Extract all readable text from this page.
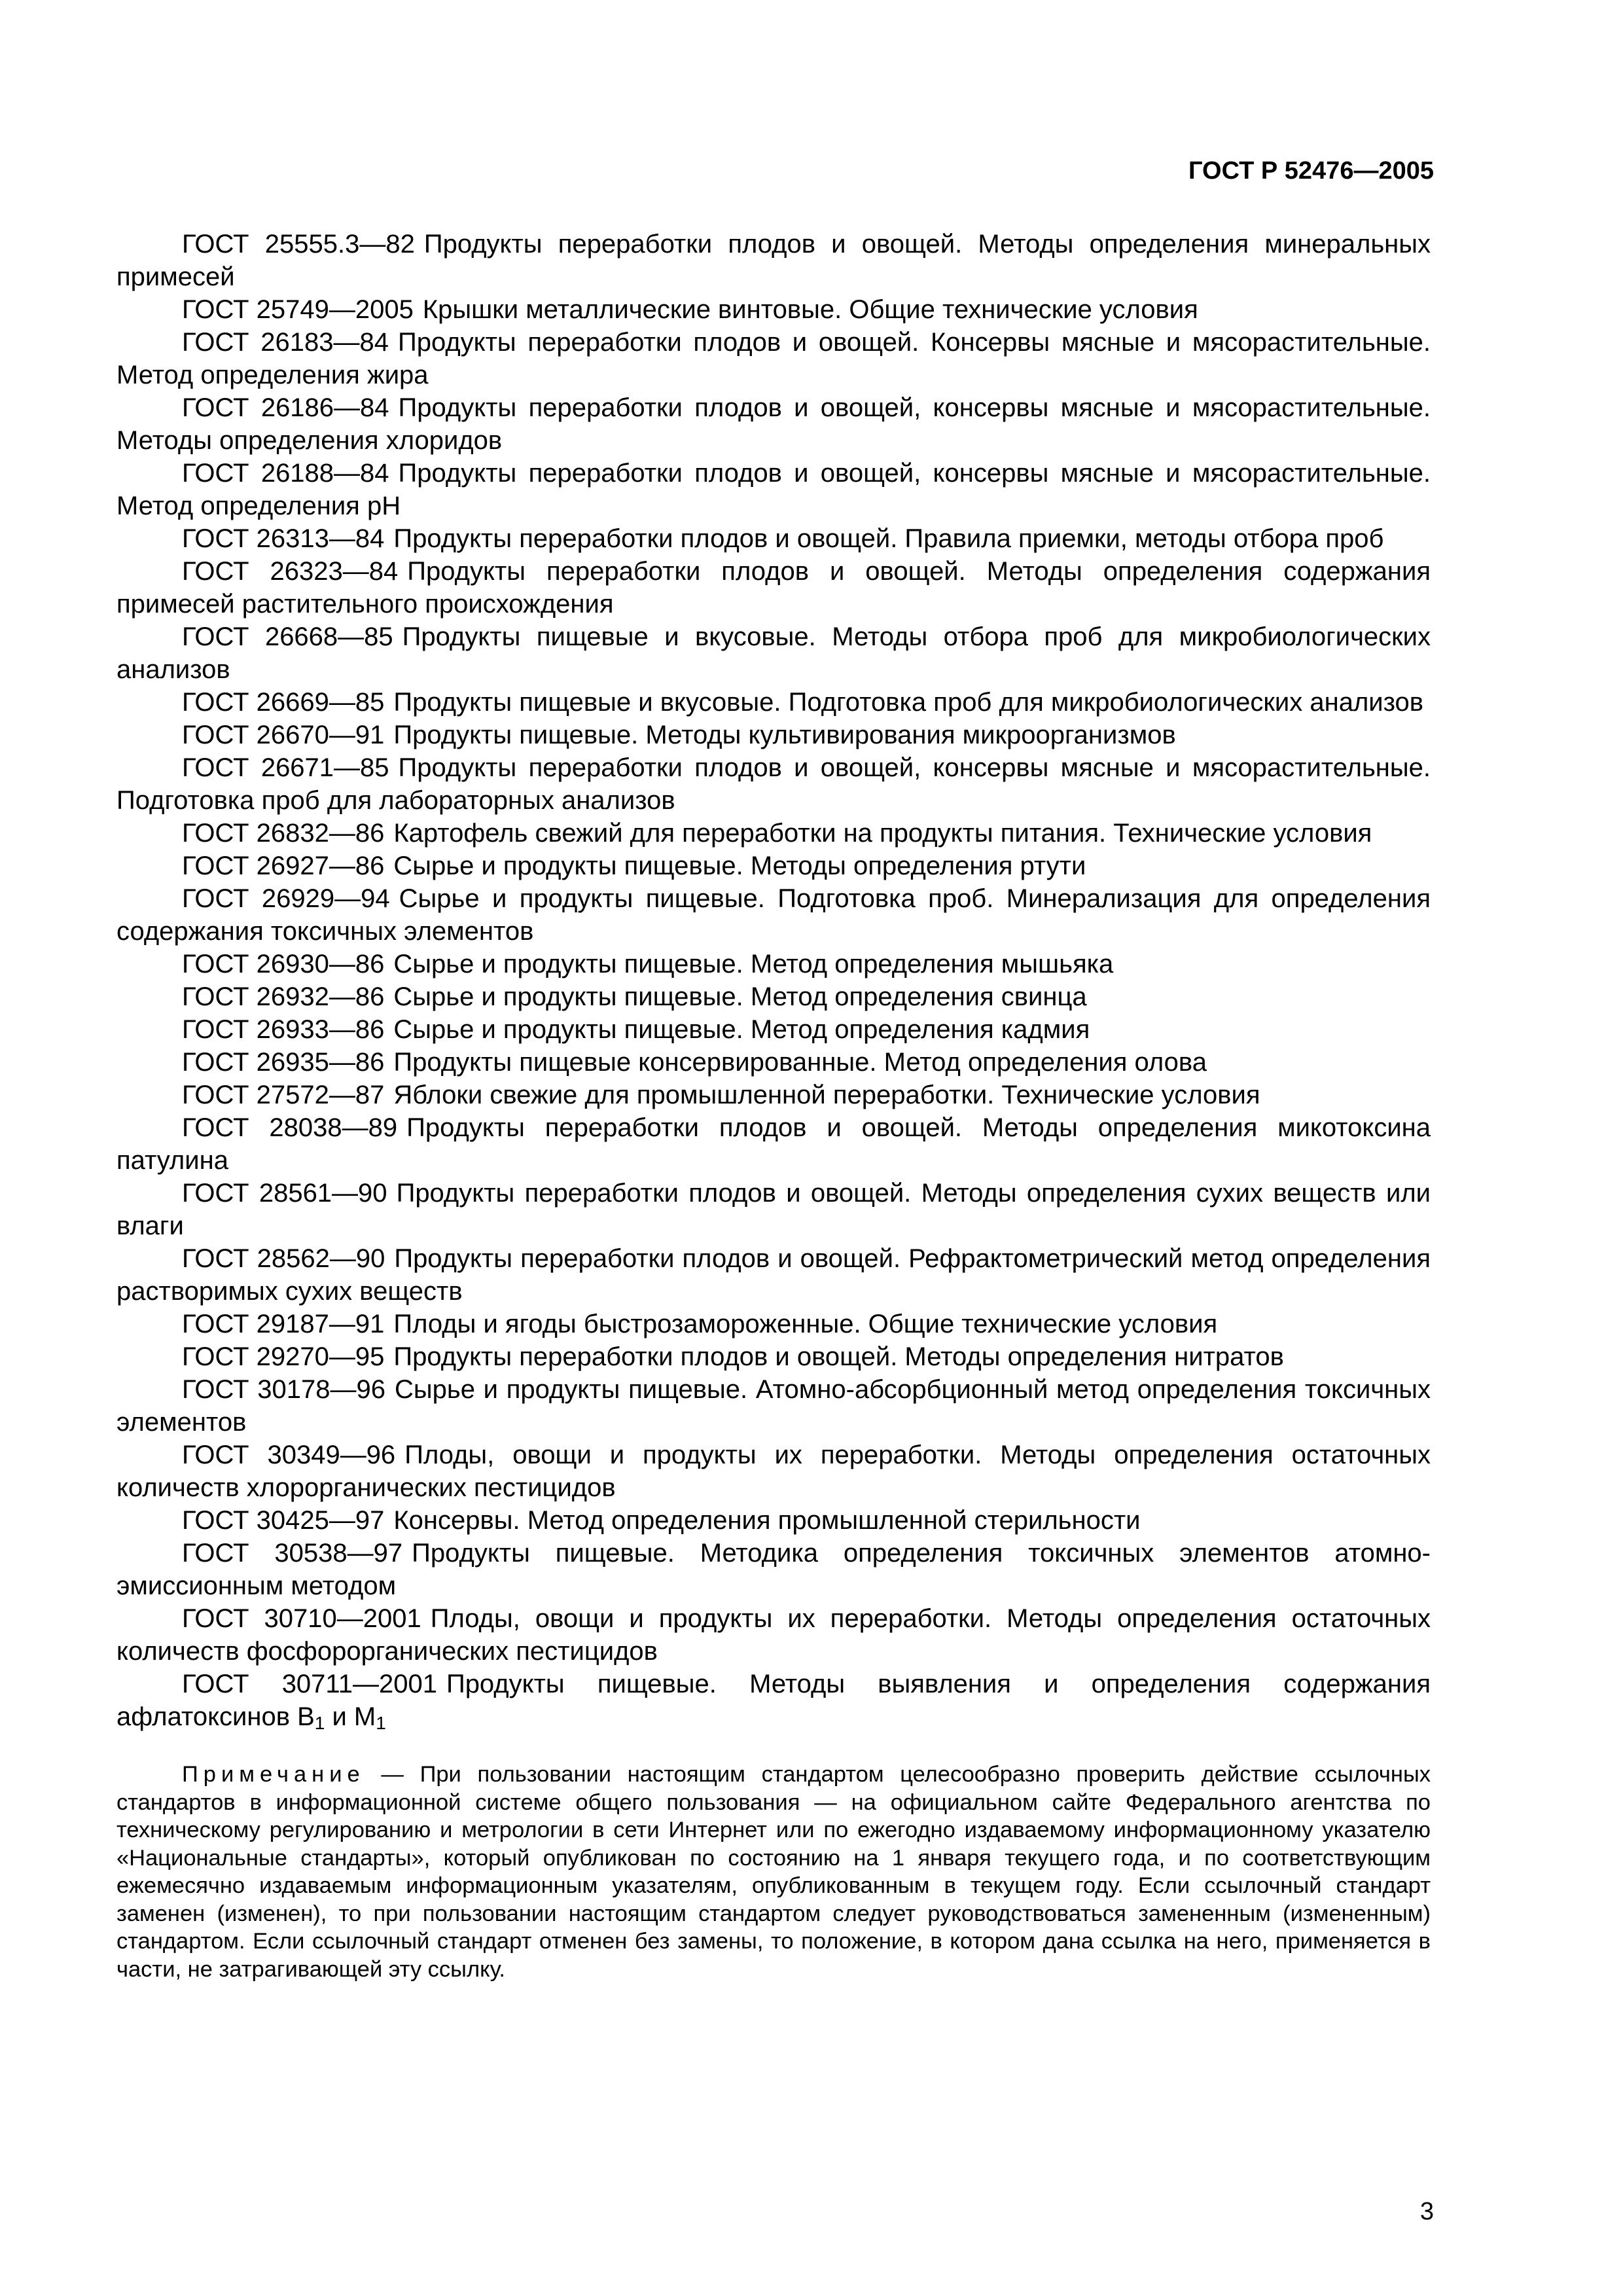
ГОСТ Р 52476—2005

ГОСТ 25555.3—82 Продукты переработки плодов и овощей. Методы определения минеральных примесей

ГОСТ 25749—2005 Крышки металлические винтовые. Общие технические условия

ГОСТ 26183—84 Продукты переработки плодов и овощей. Консервы мясные и мясорастительные. Метод определения жира

ГОСТ 26186—84 Продукты переработки плодов и овощей, консервы мясные и мясорастительные. Методы определения хлоридов

ГОСТ 26188—84 Продукты переработки плодов и овощей, консервы мясные и мясорастительные. Метод определения pH

ГОСТ 26313—84 Продукты переработки плодов и овощей. Правила приемки, методы отбора проб

ГОСТ 26323—84 Продукты переработки плодов и овощей. Методы определения содержания примесей растительного происхождения

ГОСТ 26668—85 Продукты пищевые и вкусовые. Методы отбора проб для микробиологических анализов

ГОСТ 26669—85 Продукты пищевые и вкусовые. Подготовка проб для микробиологических анализов

ГОСТ 26670—91 Продукты пищевые. Методы культивирования микроорганизмов

ГОСТ 26671—85 Продукты переработки плодов и овощей, консервы мясные и мясорастительные. Подготовка проб для лабораторных анализов

ГОСТ 26832—86 Картофель свежий для переработки на продукты питания. Технические условия

ГОСТ 26927—86 Сырье и продукты пищевые. Методы определения ртути

ГОСТ 26929—94 Сырье и продукты пищевые. Подготовка проб. Минерализация для определения содержания токсичных элементов

ГОСТ 26930—86 Сырье и продукты пищевые. Метод определения мышьяка

ГОСТ 26932—86 Сырье и продукты пищевые. Метод определения свинца

ГОСТ 26933—86 Сырье и продукты пищевые. Метод определения кадмия

ГОСТ 26935—86 Продукты пищевые консервированные. Метод определения олова

ГОСТ 27572—87 Яблоки свежие для промышленной переработки. Технические условия

ГОСТ 28038—89 Продукты переработки плодов и овощей. Методы определения микотоксина патулина

ГОСТ 28561—90 Продукты переработки плодов и овощей. Методы определения сухих веществ или влаги

ГОСТ 28562—90 Продукты переработки плодов и овощей. Рефрактометрический метод определения растворимых сухих веществ

ГОСТ 29187—91 Плоды и ягоды быстрозамороженные. Общие технические условия

ГОСТ 29270—95 Продукты переработки плодов и овощей. Методы определения нитратов

ГОСТ 30178—96 Сырье и продукты пищевые. Атомно-абсорбционный метод определения токсичных элементов

ГОСТ 30349—96 Плоды, овощи и продукты их переработки. Методы определения остаточных количеств хлорорганических пестицидов

ГОСТ 30425—97 Консервы. Метод определения промышленной стерильности

ГОСТ 30538—97 Продукты пищевые. Методика определения токсичных элементов атомно-эмиссионным методом

ГОСТ 30710—2001 Плоды, овощи и продукты их переработки. Методы определения остаточных количеств фосфорорганических пестицидов

ГОСТ 30711—2001 Продукты пищевые. Методы выявления и определения содержания афлатоксинов $B_1$ и $M_1$

Примечание — При пользовании настоящим стандартом целесообразно проверить действие ссылочных стандартов в информационной системе общего пользования — на официальном сайте Федерального агентства по техническому регулированию и метрологии в сети Интернет или по ежегодно издаваемому информационному указателю «Национальные стандарты», который опубликован по состоянию на 1 января текущего года, и по соответствующим ежемесячно издаваемым информационным указателям, опубликованным в текущем году. Если ссылочный стандарт заменен (изменен), то при пользовании настоящим стандартом следует руководствоваться замененным (измененным) стандартом. Если ссылочный стандарт отменен без замены, то положение, в котором дана ссылка на него, применяется в части, не затрагивающей эту ссылку.

3
